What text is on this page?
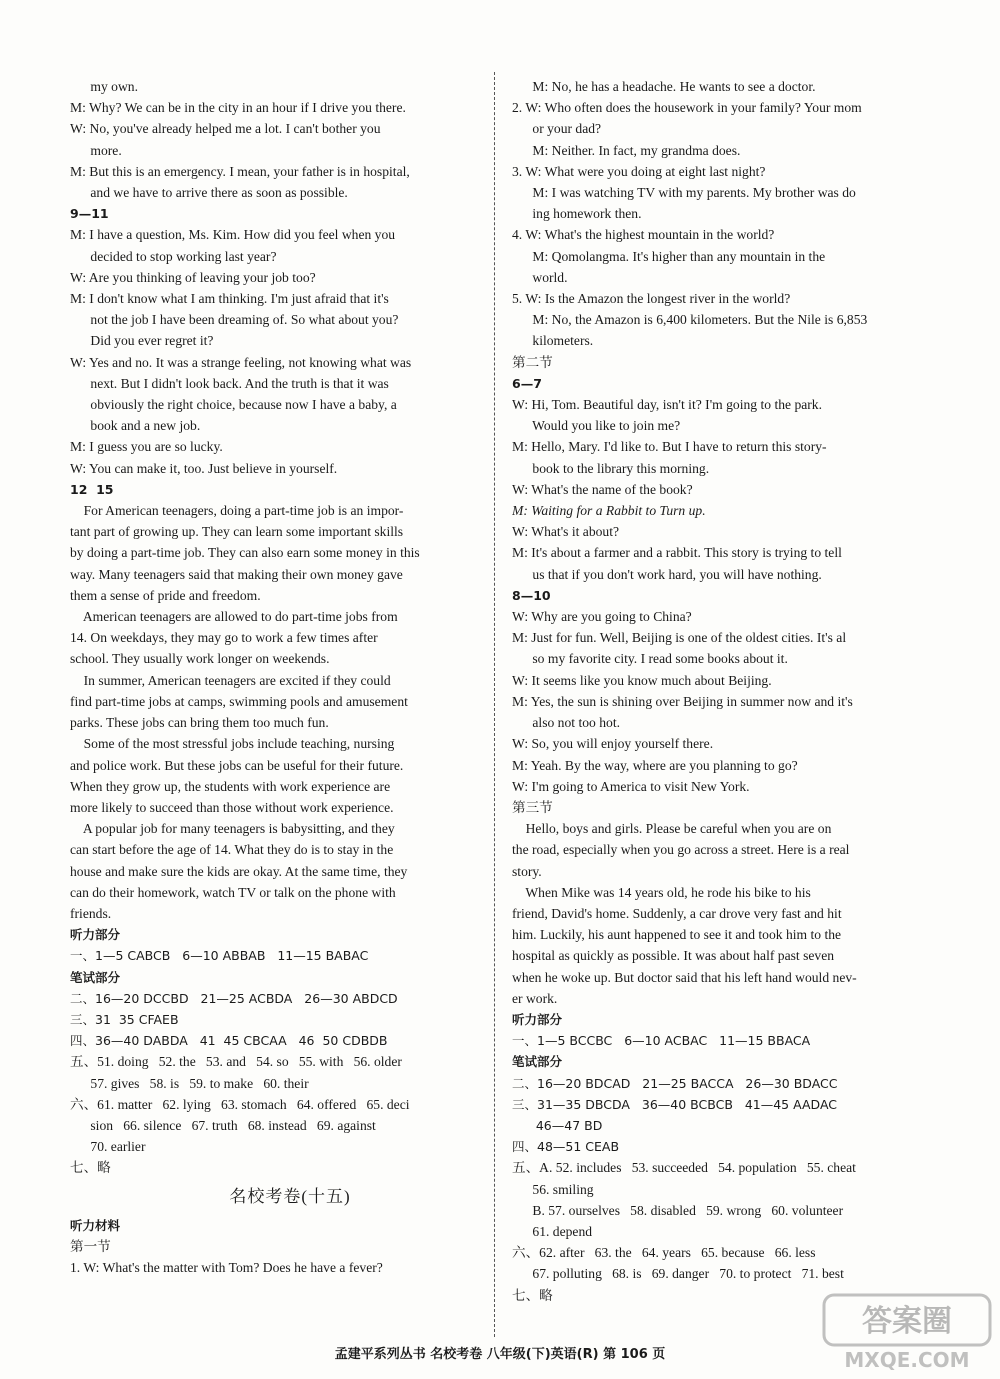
my own.
M: Why? We can be in the city in an hour if I drive you there.
W: No, you've already helped me a lot. I can't bother you
more.
M: But this is an emergency. I mean, your father is in hospital,
and we have to arrive there as soon as possible.
9—11
M: I have a question, Ms. Kim. How did you feel when you
decided to stop working last year?
W: Are you thinking of leaving your job too?
M: I don't know what I am thinking. I'm just afraid that it's
not the job I have been dreaming of. So what about you?
Did you ever regret it?
W: Yes and no. It was a strange feeling, not knowing what was
next. But I didn't look back. And the truth is that it was
obviously the right choice, because now I have a baby, a
book and a new job.
M: I guess you are so lucky.
W: You can make it, too. Just believe in yourself.
12  15
For American teenagers, doing a part-time job is an impor-
tant part of growing up. They can learn some important skills
by doing a part-time job. They can also earn some money in this
way. Many teenagers said that making their own money gave
them a sense of pride and freedom.
American teenagers are allowed to do part-time jobs from
14. On weekdays, they may go to work a few times after
school. They usually work longer on weekends.
In summer, American teenagers are excited if they could
find part-time jobs at camps, swimming pools and amusement
parks. These jobs can bring them too much fun.
Some of the most stressful jobs include teaching, nursing
and police work. But these jobs can be useful for their future.
When they grow up, the students with work experience are
more likely to succeed than those without work experience.
A popular job for many teenagers is babysitting, and they
can start before the age of 14. What they do is to stay in the
house and make sure the kids are okay. At the same time, they
can do their homework, watch TV or talk on the phone with
friends.
听力部分
一、1—5 CABCB   6—10 ABBAB   11—15 BABAC
笔试部分
二、16—20 DCCBD   21—25 ACBDA   26—30 ABDCD
三、31  35 CFAEB
四、36—40 DABDA   41  45 CBCAA   46  50 CDBDB
五、51. doing   52. the   53. and   54. so   55. with   56. older
57. gives   58. is   59. to make   60. their
六、61. matter   62. lying   63. stomach   64. offered   65. deci
sion   66. silence   67. truth   68. instead   69. against
70. earlier
七、略
名校考卷(十五)
听力材料
第一节
1. W: What's the matter with Tom? Does he have a fever?
M: No, he has a headache. He wants to see a doctor.
2. W: Who often does the housework in your family? Your mom
or your dad?
M: Neither. In fact, my grandma does.
3. W: What were you doing at eight last night?
M: I was watching TV with my parents. My brother was do
ing homework then.
4. W: What's the highest mountain in the world?
M: Qomolangma. It's higher than any mountain in the
world.
5. W: Is the Amazon the longest river in the world?
M: No, the Amazon is 6,400 kilometers. But the Nile is 6,853
kilometers.
第二节
6—7
W: Hi, Tom. Beautiful day, isn't it? I'm going to the park.
Would you like to join me?
M: Hello, Mary. I'd like to. But I have to return this story-
book to the library this morning.
W: What's the name of the book?
M: Waiting for a Rabbit to Turn up.
W: What's it about?
M: It's about a farmer and a rabbit. This story is trying to tell
us that if you don't work hard, you will have nothing.
8—10
W: Why are you going to China?
M: Just for fun. Well, Beijing is one of the oldest cities. It's al
so my favorite city. I read some books about it.
W: It seems like you know much about Beijing.
M: Yes, the sun is shining over Beijing in summer now and it's
also not too hot.
W: So, you will enjoy yourself there.
M: Yeah. By the way, where are you planning to go?
W: I'm going to America to visit New York.
第三节
Hello, boys and girls. Please be careful when you are on
the road, especially when you go across a street. Here is a real
story.
When Mike was 14 years old, he rode his bike to his
friend, David's home. Suddenly, a car drove very fast and hit
him. Luckily, his aunt happened to see it and took him to the
hospital as quickly as possible. It was about half past seven
when he woke up. But doctor said that his left hand would nev-
er work.
听力部分
一、1—5 BCCBC   6—10 ACBAC   11—15 BBACA
笔试部分
二、16—20 BDCAD   21—25 BACCA   26—30 BDACC
三、31—35 DBCDA   36—40 BCBCB   41—45 AADAC
46—47 BD
四、48—51 CEAB
五、A. 52. includes   53. succeeded   54. population   55. cheat
56. smiling
B. 57. ourselves   58. disabled   59. wrong   60. volunteer
61. depend
六、62. after   63. the   64. years   65. because   66. less
67. polluting   68. is   69. danger   70. to protect   71. best
七、略
孟建平系列丛书 名校考卷 八年级(下)英语(R) 第 106 页
答案圈
MXQE.COM
